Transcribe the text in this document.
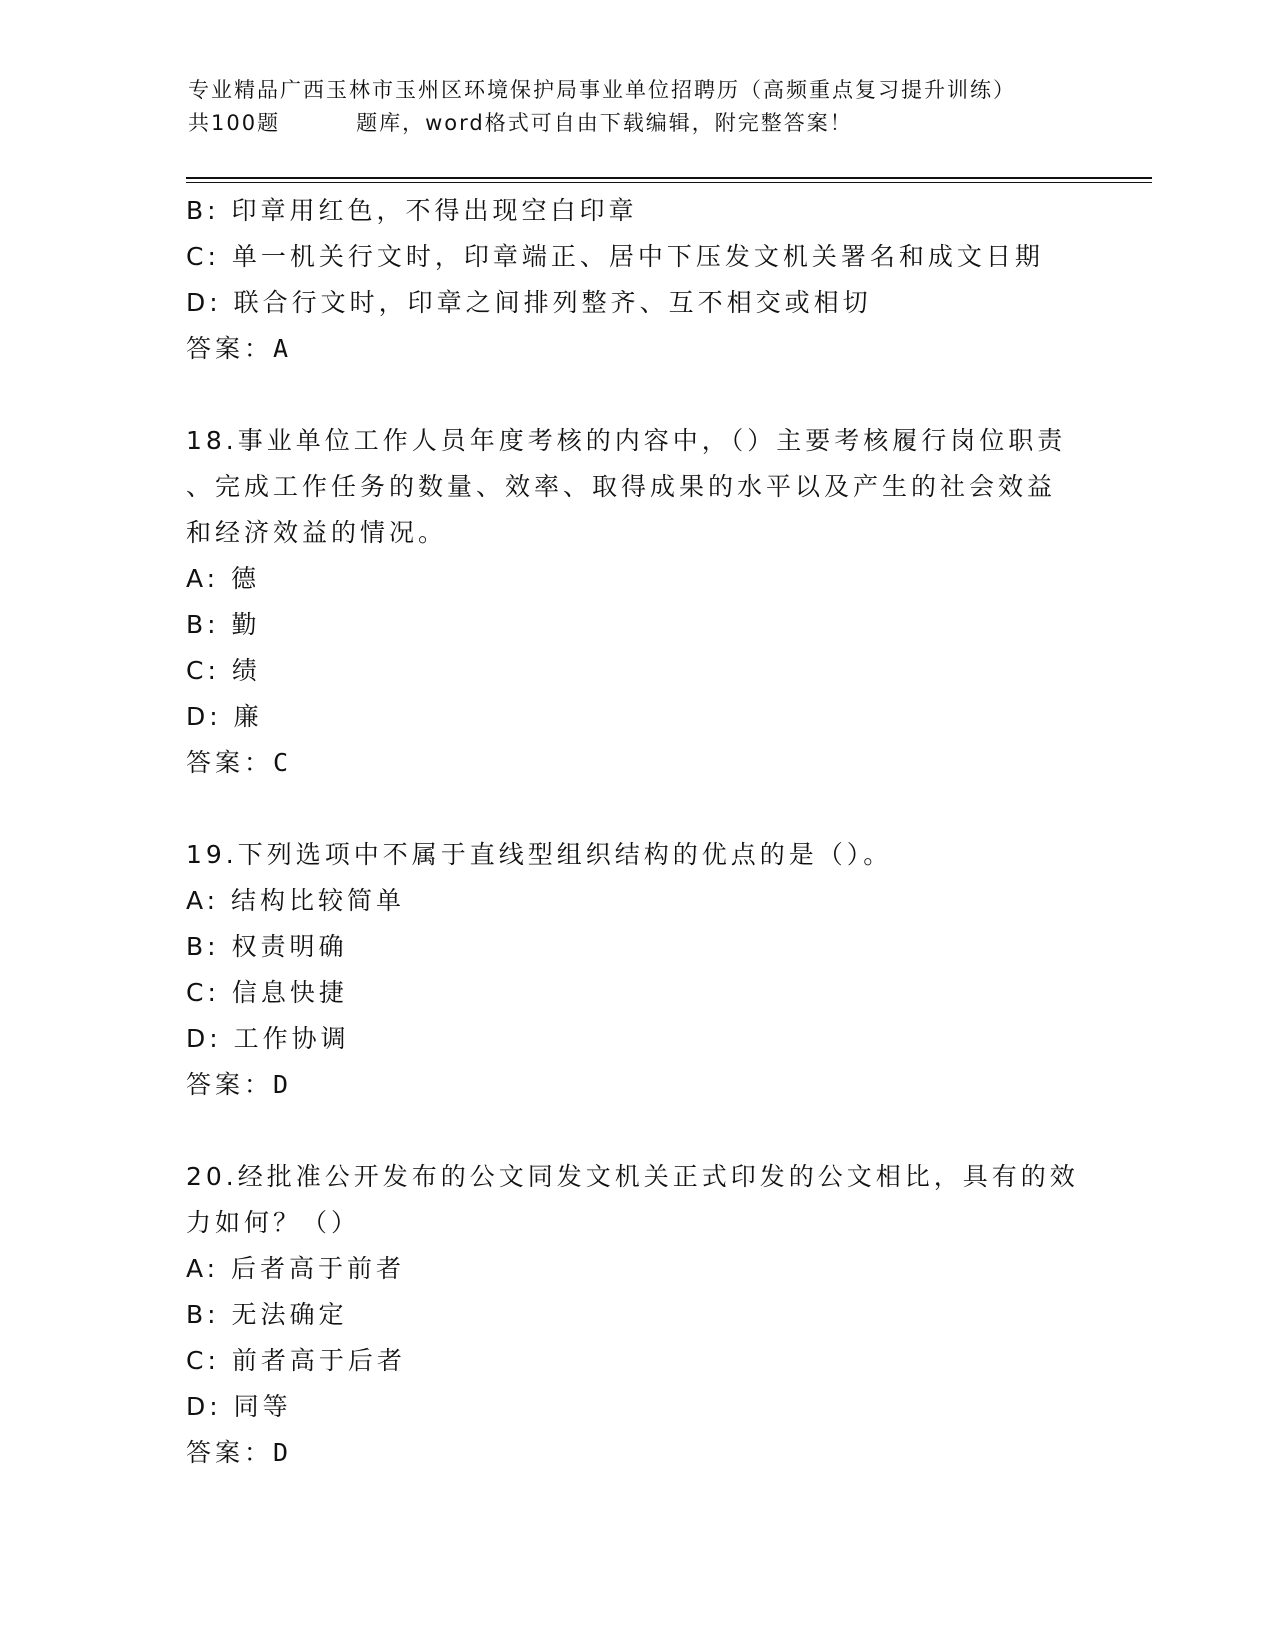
专业精品广西玉林市玉州区环境保护局事业单位招聘历（高频重点复习提升训练）
共100题	题库，word格式可自由下载编辑，附完整答案！
B: 印章用红色，不得出现空白印章
C: 单一机关行文时，印章端正、居中下压发文机关署名和成文日期
D: 联合行文时，印章之间排列整齐、互不相交或相切
答案：A
18.事业单位工作人员年度考核的内容中，（）主要考核履行岗位职责
、完成工作任务的数量、效率、取得成果的水平以及产生的社会效益
和经济效益的情况。
A: 德
B: 勤
C: 绩
D: 廉
答案：C
19.下列选项中不属于直线型组织结构的优点的是（）。
A: 结构比较简单
B: 权责明确
C: 信息快捷
D: 工作协调
答案：D
20.经批准公开发布的公文同发文机关正式印发的公文相比，具有的效
力如何？（）
A: 后者高于前者
B: 无法确定
C: 前者高于后者
D: 同等
答案：D
